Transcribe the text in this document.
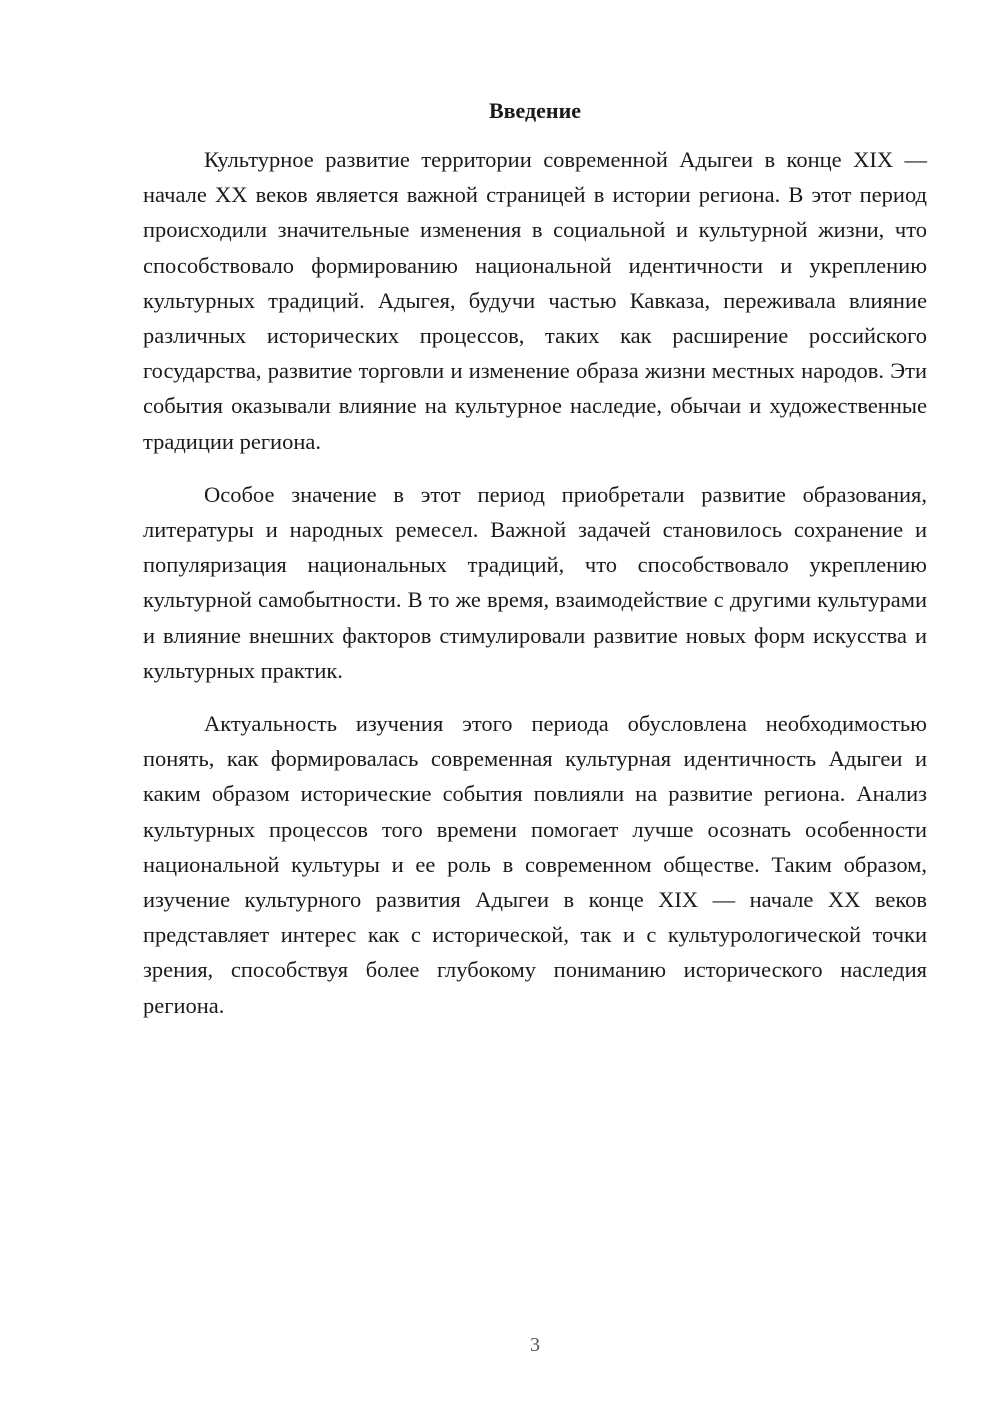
Введение

Культурное развитие территории современной Адыгеи в конце XIX — начале XX веков является важной страницей в истории региона. В этот период происходили значительные изменения в социальной и культурной жизни, что способствовало формированию национальной идентичности и укреплению культурных традиций. Адыгея, будучи частью Кавказа, переживала влияние различных исторических процессов, таких как расширение российского государства, развитие торговли и изменение образа жизни местных народов. Эти события оказывали влияние на культурное наследие, обычаи и художественные традиции региона.

Особое значение в этот период приобретали развитие образования, литературы и народных ремесел. Важной задачей становилось сохранение и популяризация национальных традиций, что способствовало укреплению культурной самобытности. В то же время, взаимодействие с другими культурами и влияние внешних факторов стимулировали развитие новых форм искусства и культурных практик.

Актуальность изучения этого периода обусловлена необходимостью понять, как формировалась современная культурная идентичность Адыгеи и каким образом исторические события повлияли на развитие региона. Анализ культурных процессов того времени помогает лучше осознать особенности национальной культуры и ее роль в современном обществе. Таким образом, изучение культурного развития Адыгеи в конце XIX — начале XX веков представляет интерес как с исторической, так и с культурологической точки зрения, способствуя более глубокому пониманию исторического наследия региона.

3
